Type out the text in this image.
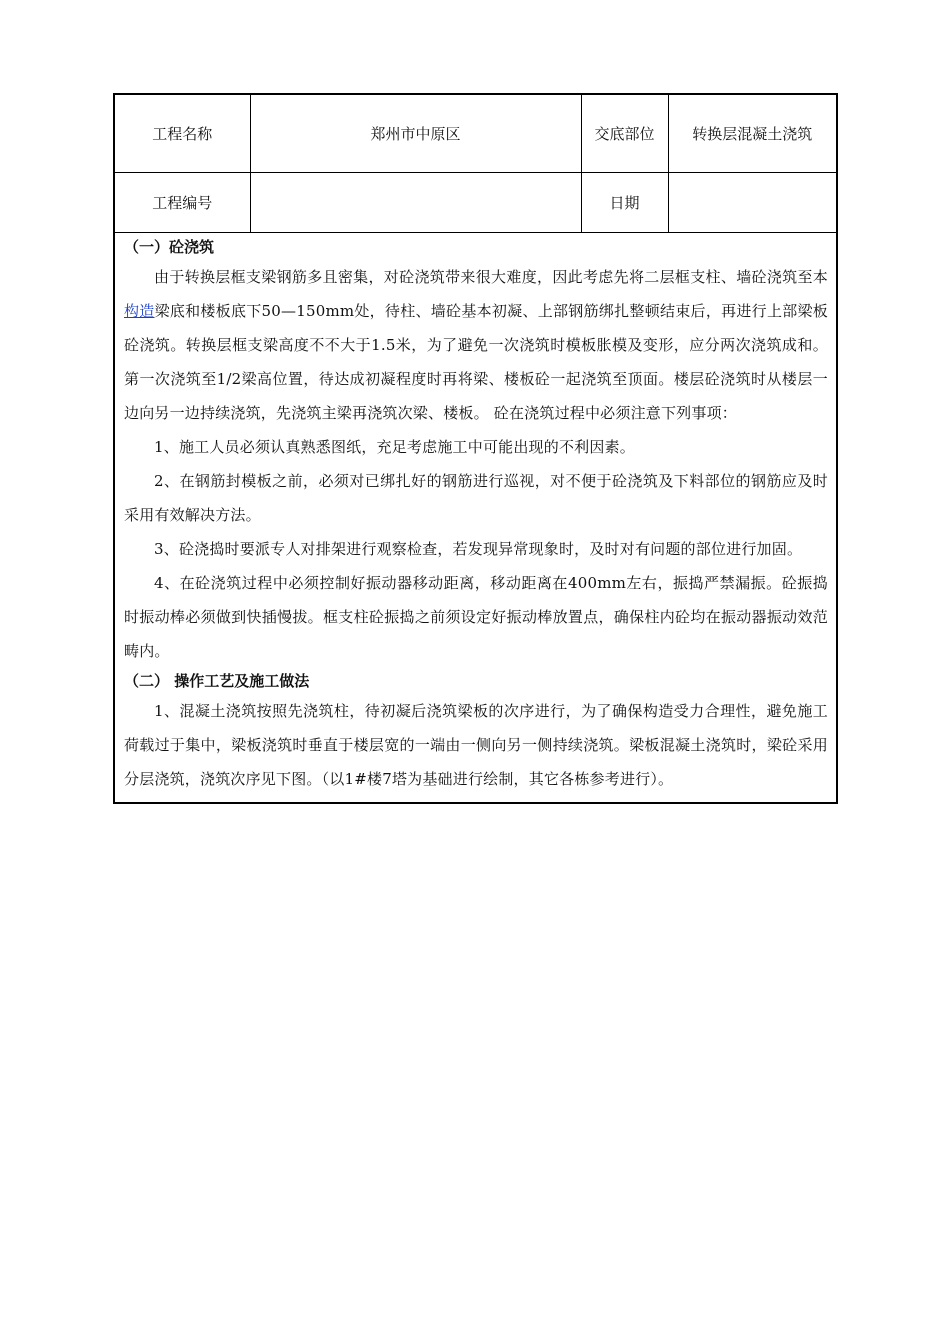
工程名称	郑州市中原区	交底部位	转换层混凝土浇筑
工程编号		日期	

（一）砼浇筑

由于转换层框支梁钢筋多且密集，对砼浇筑带来很大难度，因此考虑先将二层框支柱、墙砼浇筑至本构造梁底和楼板底下50—150mm处，待柱、墙砼基本初凝、上部钢筋绑扎整顿结束后，再进行上部梁板砼浇筑。转换层框支梁高度不不大于1.5米，为了避免一次浇筑时模板胀模及变形，应分两次浇筑成和。第一次浇筑至1/2梁高位置，待达成初凝程度时再将梁、楼板砼一起浇筑至顶面。楼层砼浇筑时从楼层一边向另一边持续浇筑，先浇筑主梁再浇筑次梁、楼板。 砼在浇筑过程中必须注意下列事项：

1、施工人员必须认真熟悉图纸，充足考虑施工中可能出现的不利因素。

2、在钢筋封模板之前，必须对已绑扎好的钢筋进行巡视，对不便于砼浇筑及下料部位的钢筋应及时采用有效解决方法。

3、砼浇捣时要派专人对排架进行观察检查，若发现异常现象时，及时对有问题的部位进行加固。

4、在砼浇筑过程中必须控制好振动器移动距离，移动距离在400mm左右，振捣严禁漏振。砼振捣时振动棒必须做到快插慢拔。框支柱砼振捣之前须设定好振动棒放置点，确保柱内砼均在振动器振动效范畴内。

（二） 操作工艺及施工做法

1、混凝土浇筑按照先浇筑柱，待初凝后浇筑梁板的次序进行，为了确保构造受力合理性，避免施工荷载过于集中，梁板浇筑时垂直于楼层宽的一端由一侧向另一侧持续浇筑。梁板混凝土浇筑时，梁砼采用分层浇筑，浇筑次序见下图。（以1#楼7塔为基础进行绘制，其它各栋参考进行）。
